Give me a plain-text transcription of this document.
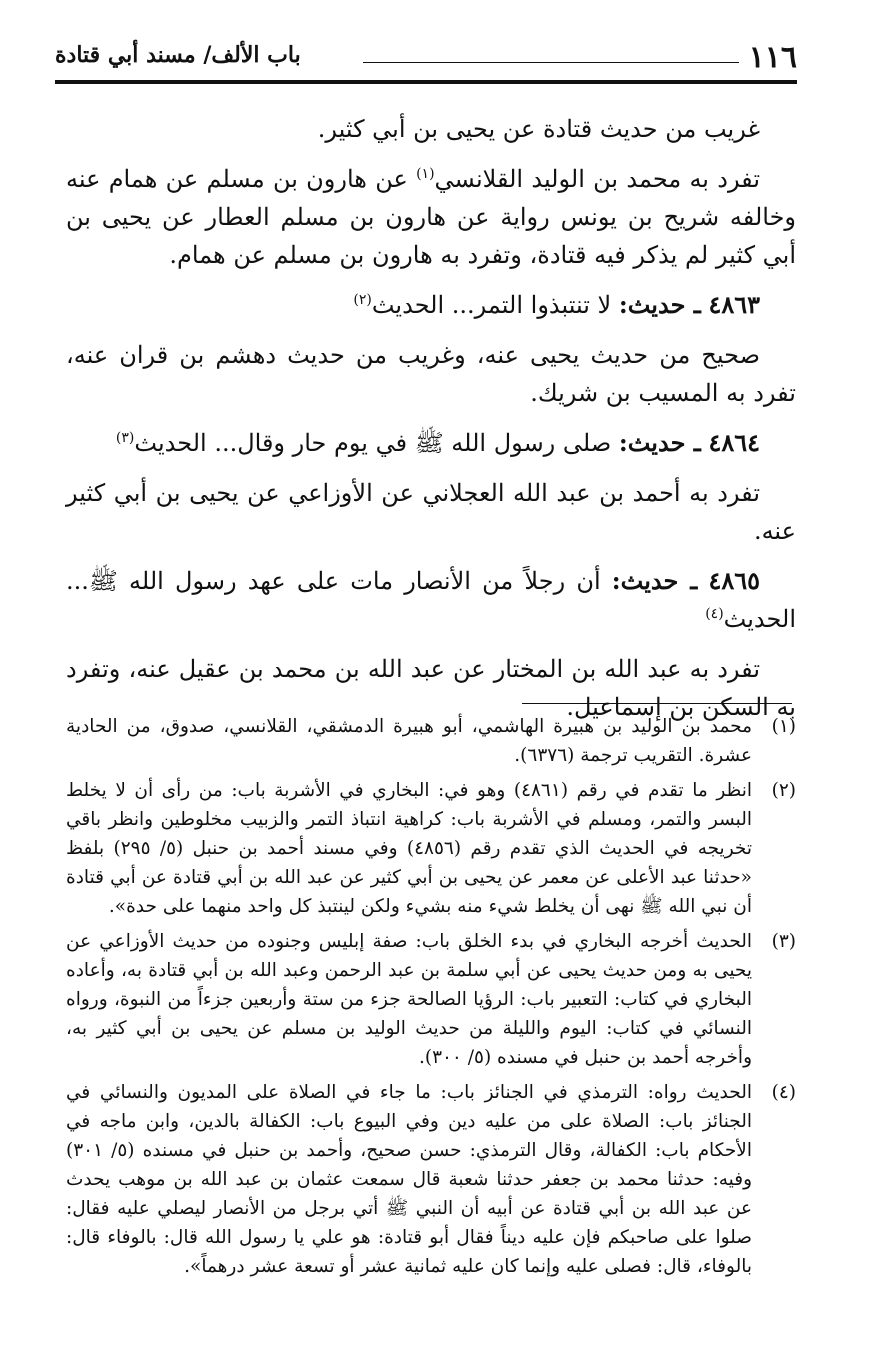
١١٦
باب الألف/ مسند أبي قتادة

غريب من حديث قتادة عن يحيى بن أبي كثير.

تفرد به محمد بن الوليد القلانسي$^{(١)}$ عن هارون بن مسلم عن همام عنه وخالفه شريح بن يونس رواية عن هارون بن مسلم العطار عن يحيى بن أبي كثير لم يذكر فيه قتادة، وتفرد به هارون بن مسلم عن همام.

٤٨٦٣ ـ حديث: لا تنتبذوا التمر... الحديث$^{(٢)}$

صحيح من حديث يحيى عنه، وغريب من حديث دهشم بن قران عنه، تفرد به المسيب بن شريك.

٤٨٦٤ ـ حديث: صلى رسول الله ﷺ في يوم حار وقال... الحديث$^{(٣)}$

تفرد به أحمد بن عبد الله العجلاني عن الأوزاعي عن يحيى بن أبي كثير عنه.

٤٨٦٥ ـ حديث: أن رجلاً من الأنصار مات على عهد رسول الله ﷺ... الحديث$^{(٤)}$

تفرد به عبد الله بن المختار عن عبد الله بن محمد بن عقيل عنه، وتفرد به السكن بن إسماعيل.

(١)
محمد بن الوليد بن هبيرة الهاشمي، أبو هبيرة الدمشقي، القلانسي، صدوق، من الحادية عشرة. التقريب ترجمة (٦٣٧٦).
(٢)
انظر ما تقدم في رقم (٤٨٦١) وهو في: البخاري في الأشربة باب: من رأى أن لا يخلط البسر والتمر، ومسلم في الأشربة باب: كراهية انتباذ التمر والزبيب مخلوطين وانظر باقي تخريجه في الحديث الذي تقدم رقم (٤٨٥٦) وفي مسند أحمد بن حنبل (٥/ ٢٩٥) بلفظ «حدثنا عبد الأعلى عن معمر عن يحيى بن أبي كثير عن عبد الله بن أبي قتادة عن أبي قتادة أن نبي الله ﷺ نهى أن يخلط شيء منه بشيء ولكن لينتبذ كل واحد منهما على حدة».
(٣)
الحديث أخرجه البخاري في بدء الخلق باب: صفة إبليس وجنوده من حديث الأوزاعي عن يحيى به ومن حديث يحيى عن أبي سلمة بن عبد الرحمن وعبد الله بن أبي قتادة به، وأعاده البخاري في كتاب: التعبير باب: الرؤيا الصالحة جزء من ستة وأربعين جزءاً من النبوة، ورواه النسائي في كتاب: اليوم والليلة من حديث الوليد بن مسلم عن يحيى بن أبي كثير به، وأخرجه أحمد بن حنبل في مسنده (٥/ ٣٠٠).
(٤)
الحديث رواه: الترمذي في الجنائز باب: ما جاء في الصلاة على المديون والنسائي في الجنائز باب: الصلاة على من عليه دين وفي البيوع باب: الكفالة بالدين، وابن ماجه في الأحكام باب: الكفالة، وقال الترمذي: حسن صحيح، وأحمد بن حنبل في مسنده (٥/ ٣٠١) وفيه: حدثنا محمد بن جعفر حدثنا شعبة قال سمعت عثمان بن عبد الله بن موهب يحدث عن عبد الله بن أبي قتادة عن أبيه أن النبي ﷺ أتي برجل من الأنصار ليصلي عليه فقال: صلوا على صاحبكم فإن عليه ديناً فقال أبو قتادة: هو علي يا رسول الله قال: بالوفاء قال: بالوفاء، قال: فصلى عليه وإنما كان عليه ثمانية عشر أو تسعة عشر درهماً».
